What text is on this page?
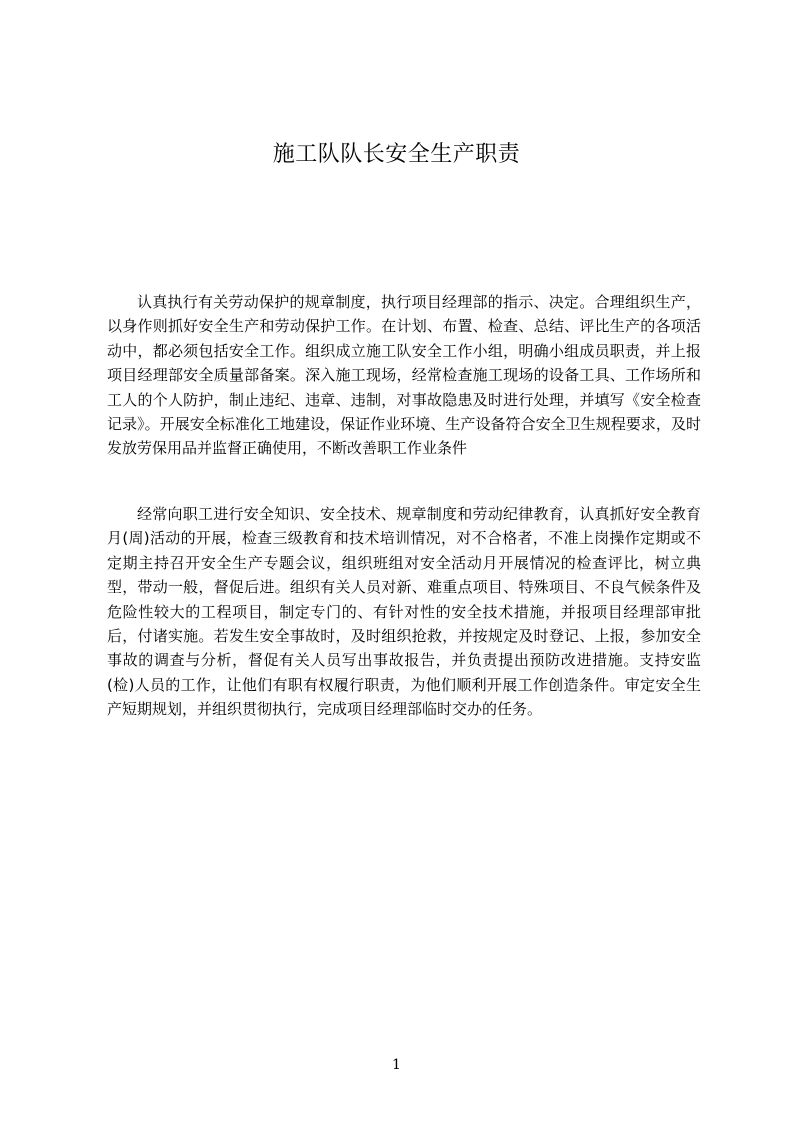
施工队队长安全生产职责

认真执行有关劳动保护的规章制度，执行项目经理部的指示、决定。合理组织生产，以身作则抓好安全生产和劳动保护工作。在计划、布置、检查、总结、评比生产的各项活动中，都必须包括安全工作。组织成立施工队安全工作小组，明确小组成员职责，并上报项目经理部安全质量部备案。深入施工现场，经常检查施工现场的设备工具、工作场所和工人的个人防护，制止违纪、违章、违制，对事故隐患及时进行处理，并填写《安全检查记录》。开展安全标准化工地建设，保证作业环境、生产设备符合安全卫生规程要求，及时发放劳保用品并监督正确使用，不断改善职工作业条件

经常向职工进行安全知识、安全技术、规章制度和劳动纪律教育，认真抓好安全教育月(周)活动的开展，检查三级教育和技术培训情况，对不合格者，不准上岗操作定期或不定期主持召开安全生产专题会议，组织班组对安全活动月开展情况的检查评比，树立典型，带动一般，督促后进。组织有关人员对新、难重点项目、特殊项目、不良气候条件及危险性较大的工程项目，制定专门的、有针对性的安全技术措施，并报项目经理部审批后，付诸实施。若发生安全事故时，及时组织抢救，并按规定及时登记、上报，参加安全事故的调查与分析，督促有关人员写出事故报告，并负责提出预防改进措施。支持安监(检)人员的工作，让他们有职有权履行职责，为他们顺利开展工作创造条件。审定安全生产短期规划，并组织贯彻执行，完成项目经理部临时交办的任务。

1
